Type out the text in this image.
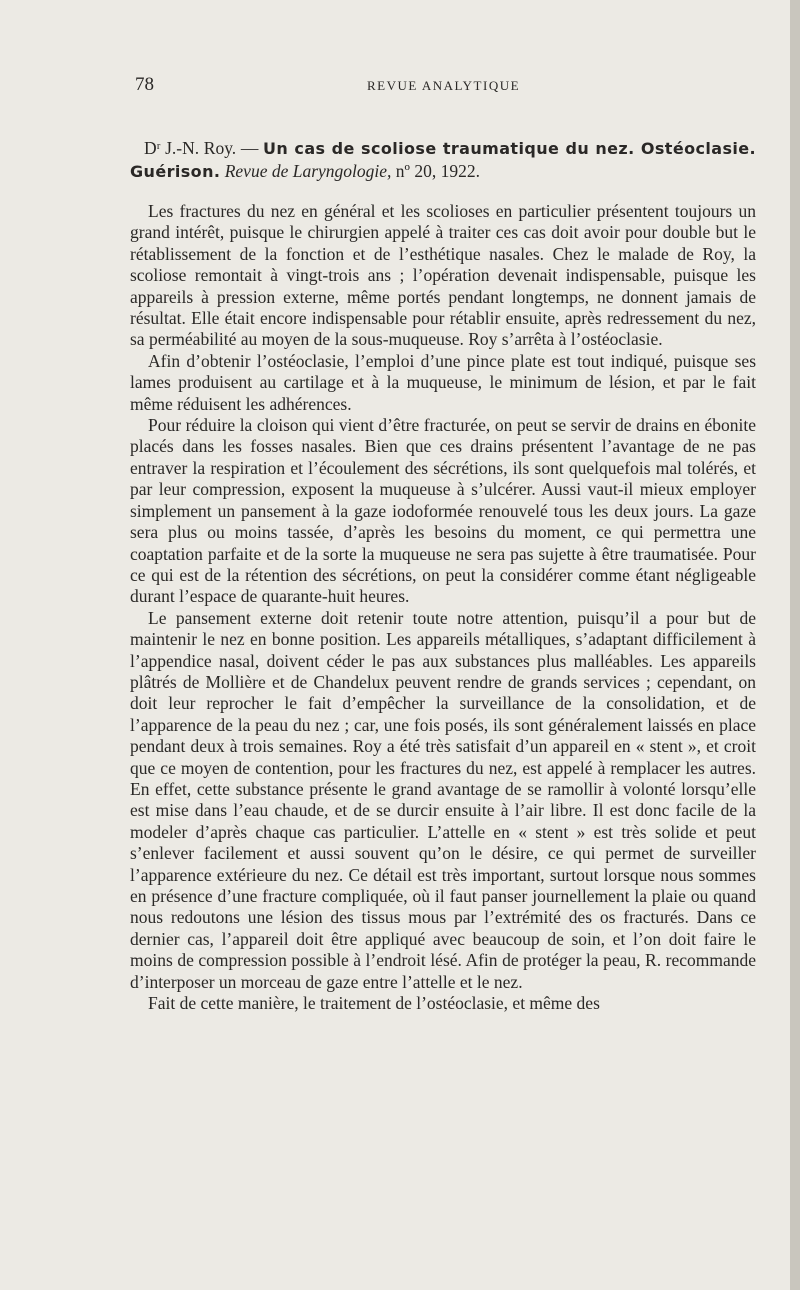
78	REVUE ANALYTIQUE
Dʳ J.-N. Roy. — Un cas de scoliose traumatique du nez. Ostéoclasie. Guérison. Revue de Laryngologie, nº 20, 1922.

Les fractures du nez en général et les scolioses en particulier présentent toujours un grand intérêt, puisque le chirurgien appelé à traiter ces cas doit avoir pour double but le rétablissement de la fonction et de l’esthétique nasales. Chez le malade de Roy, la scoliose remontait à vingt-trois ans ; l’opération devenait indispensable, puisque les appareils à pression externe, même portés pendant longtemps, ne donnent jamais de résultat. Elle était encore indispensable pour rétablir ensuite, après redressement du nez, sa perméabilité au moyen de la sous-muqueuse. Roy s’arrêta à l’ostéoclasie.

Afin d’obtenir l’ostéoclasie, l’emploi d’une pince plate est tout indiqué, puisque ses lames produisent au cartilage et à la muqueuse, le minimum de lésion, et par le fait même réduisent les adhérences.

Pour réduire la cloison qui vient d’être fracturée, on peut se servir de drains en ébonite placés dans les fosses nasales. Bien que ces drains présentent l’avantage de ne pas entraver la respiration et l’écoulement des sécrétions, ils sont quelquefois mal tolérés, et par leur compression, exposent la muqueuse à s’ulcérer. Aussi vaut-il mieux employer simplement un pansement à la gaze iodoformée renouvelé tous les deux jours. La gaze sera plus ou moins tassée, d’après les besoins du moment, ce qui permettra une coaptation parfaite et de la sorte la muqueuse ne sera pas sujette à être traumatisée. Pour ce qui est de la rétention des sécrétions, on peut la considérer comme étant négligeable durant l’espace de quarante-huit heures.

Le pansement externe doit retenir toute notre attention, puisqu’il a pour but de maintenir le nez en bonne position. Les appareils métalliques, s’adaptant difficilement à l’appendice nasal, doivent céder le pas aux substances plus malléables. Les appareils plâtrés de Mollière et de Chandelux peuvent rendre de grands services ; cependant, on doit leur reprocher le fait d’empêcher la surveillance de la consolidation, et de l’apparence de la peau du nez ; car, une fois posés, ils sont généralement laissés en place pendant deux à trois semaines. Roy a été très satisfait d’un appareil en « stent », et croit que ce moyen de contention, pour les fractures du nez, est appelé à remplacer les autres. En effet, cette substance présente le grand avantage de se ramollir à volonté lorsqu’elle est mise dans l’eau chaude, et de se durcir ensuite à l’air libre. Il est donc facile de la modeler d’après chaque cas particulier. L’attelle en « stent » est très solide et peut s’enlever facilement et aussi souvent qu’on le désire, ce qui permet de surveiller l’apparence extérieure du nez. Ce détail est très important, surtout lorsque nous sommes en présence d’une fracture compliquée, où il faut panser journellement la plaie ou quand nous redoutons une lésion des tissus mous par l’extrémité des os fracturés. Dans ce dernier cas, l’appareil doit être appliqué avec beaucoup de soin, et l’on doit faire le moins de compression possible à l’endroit lésé. Afin de protéger la peau, R. recommande d’interposer un morceau de gaze entre l’attelle et le nez.

Fait de cette manière, le traitement de l’ostéoclasie, et même des
